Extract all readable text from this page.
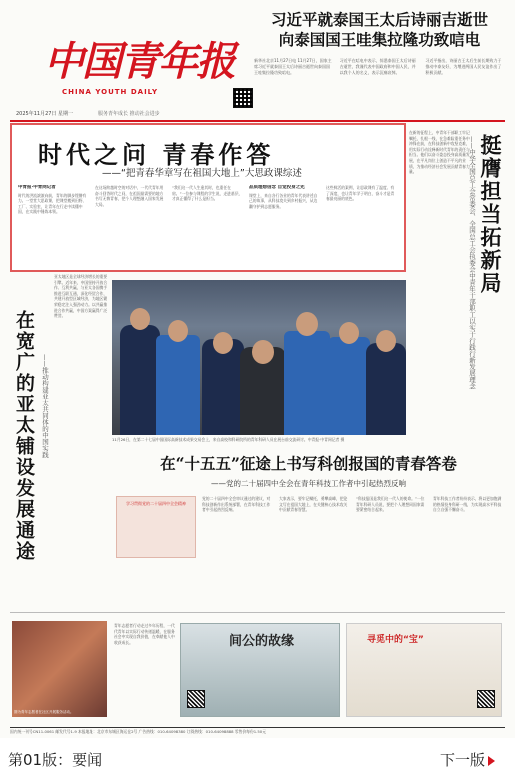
中国青年报
CHINA YOUTH DAILY
2025年11月27日 星期一	服务青年成长 推动社会进步
习近平就泰国王太后诗丽吉逝世
向泰国国王哇集拉隆功致唁电

新华社北京11月27日电 11月27日，国家主席习近平就泰国王太后诗丽吉逝世向泰国国王哇集拉隆功致唁电。

习近平在唁电中表示，惊悉泰国王太后诗丽吉逝世，我谨代表中国政府和中国人民，并以我个人的名义，表示沉痛哀悼。

习近平指出，诗丽吉王太后生前长期致力于推动中泰友好，为增进两国人民友谊作出了积极贡献。

时代之问 青春作答
——“把青春华章写在祖国大地上”大思政课综述
中青报·中青网记者
时代的洪流滚滚向前，青年的脚步铿锵有力。一堂堂大思政课，把课堂搬到田野、工厂、实验室，让青年在行走中读懂中国，在实践中锤炼本领。
在这场跨越时空的对话中，一代代青年用奋斗回答时代之问，在祖国最需要的地方书写无悔青春，把个人理想融入国家发展大局。
“我们这一代人生逢其时，也重任在肩。”一位参与课程的学生说，走进基层，才真正懂得了什么是担当。
品质理想信念 自觉投身之先
课堂上，来自各行各业的青年代表讲述自己的故事，从科技攻关到乡村振兴，从边疆守护到志愿服务。
这些鲜活的案例，让思政课有了温度、有了深度，也让青年学子明白，奋斗才是青春最亮丽的底色。
在新的征程上，中青年干部职工牢记嘱托，扎根一线，在急难险重任务中冲锋在前，在科技创新中攻坚克难，用实际行动诠释新时代青年的责任与担当。他们以奋斗姿态投身高质量发展，在平凡岗位上创造不平凡的业绩，为推动经济社会发展贡献青春力量。	——中华全国总工会常委会、全国总工会执委会中青年干部职工以实干行践行新发展理念 挺膺担当拓新局
在宽广的亚太铺设发展通途 ——推动构建亚太共同体的中国实践
亚太地区是全球经济增长的重要引擎。近年来，中国坚持开放合作、互利共赢，与亚太各国携手推进互联互通，深化经贸合作，共建开放型区域经济，为地区繁荣稳定注入强劲动力。以共赢推进合作共赢，中国方案赢得广泛赞誉。
11月26日，在第二十七届中国国际高新技术成果交易会上，来自高校和科研院所的青年科研人员在展台前交流研讨。中青报·中青网记者 摄
在“十五五”征途上书写科创报国的青春答卷
——党的二十届四中全会在青年科技工作者中引起热烈反响
学习贯彻党的二十届四中全会精神
党的二十届四中全会审议通过的建议，对科技创新作出系统部署，在青年科技工作者中引起热烈反响。
大家表示，要牢记嘱托，勇攀高峰，把论文写在祖国大地上，在关键核心技术攻关中贡献青春智慧。
“科技报国是我们这一代人的使命。”一位青年科研人员说，要把个人理想同国家需要紧密结合起来。
青年科技工作者纷纷表示，将以更加饱满的热情投身科研一线，为实现高水平科技自立自强不懈奋斗。
图为青年志愿者在社区开展服务活动。
青年志愿者行动走过多年历程，一代代青年以实际行动传递温暖，在服务社会中实现自我价值，在奉献他人中收获成长。	间公的故缘	寻觅中的“宝”
国内统一刊号CN11-0061 邮发代号1-9 本报地址：北京市东城区海运仓2号 广告热线：010-64098380 订阅热线：010-64098888 零售价每份1.50元
第01版：要闻	下一版
